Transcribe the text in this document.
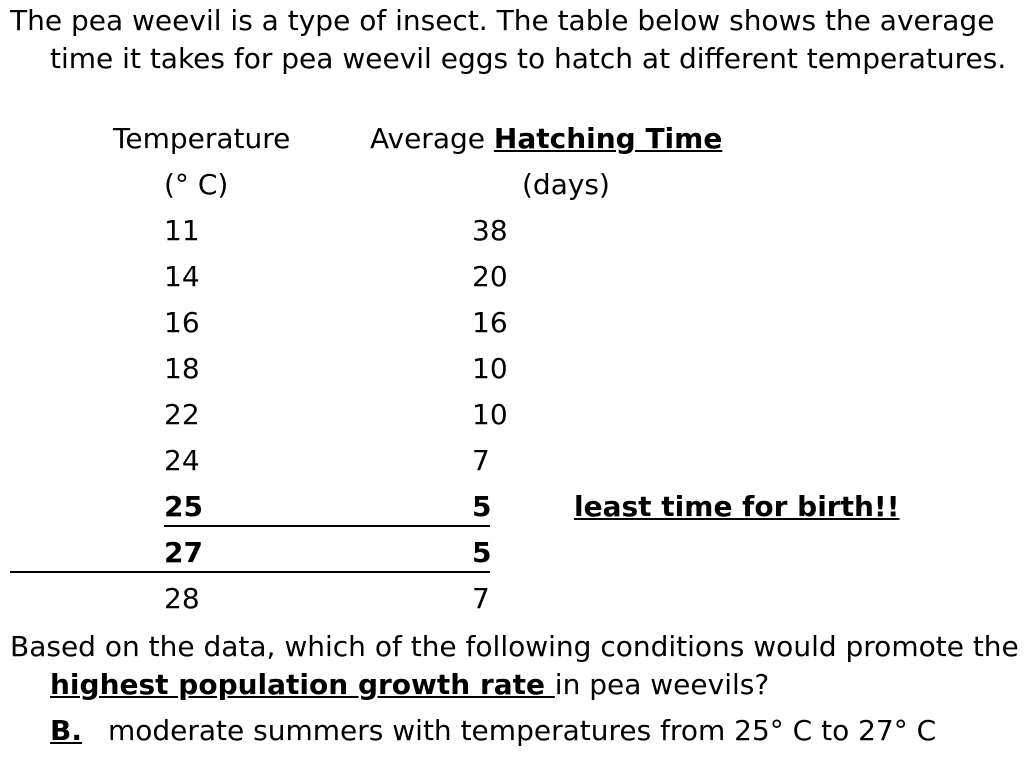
The pea weevil is a type of insect. The table below shows the average time it takes for pea weevil eggs to hatch at different temperatures.

Temperature	Average Hatching Time
(° C)	(days)
11	38
14	20
16	16
18	10
22	10
24	7
25	5	least time for birth!!
27	5
28	7

Based on the data, which of the following conditions would promote the highest population growth rate in pea weevils?

B. moderate summers with temperatures from 25° C to 27° C
